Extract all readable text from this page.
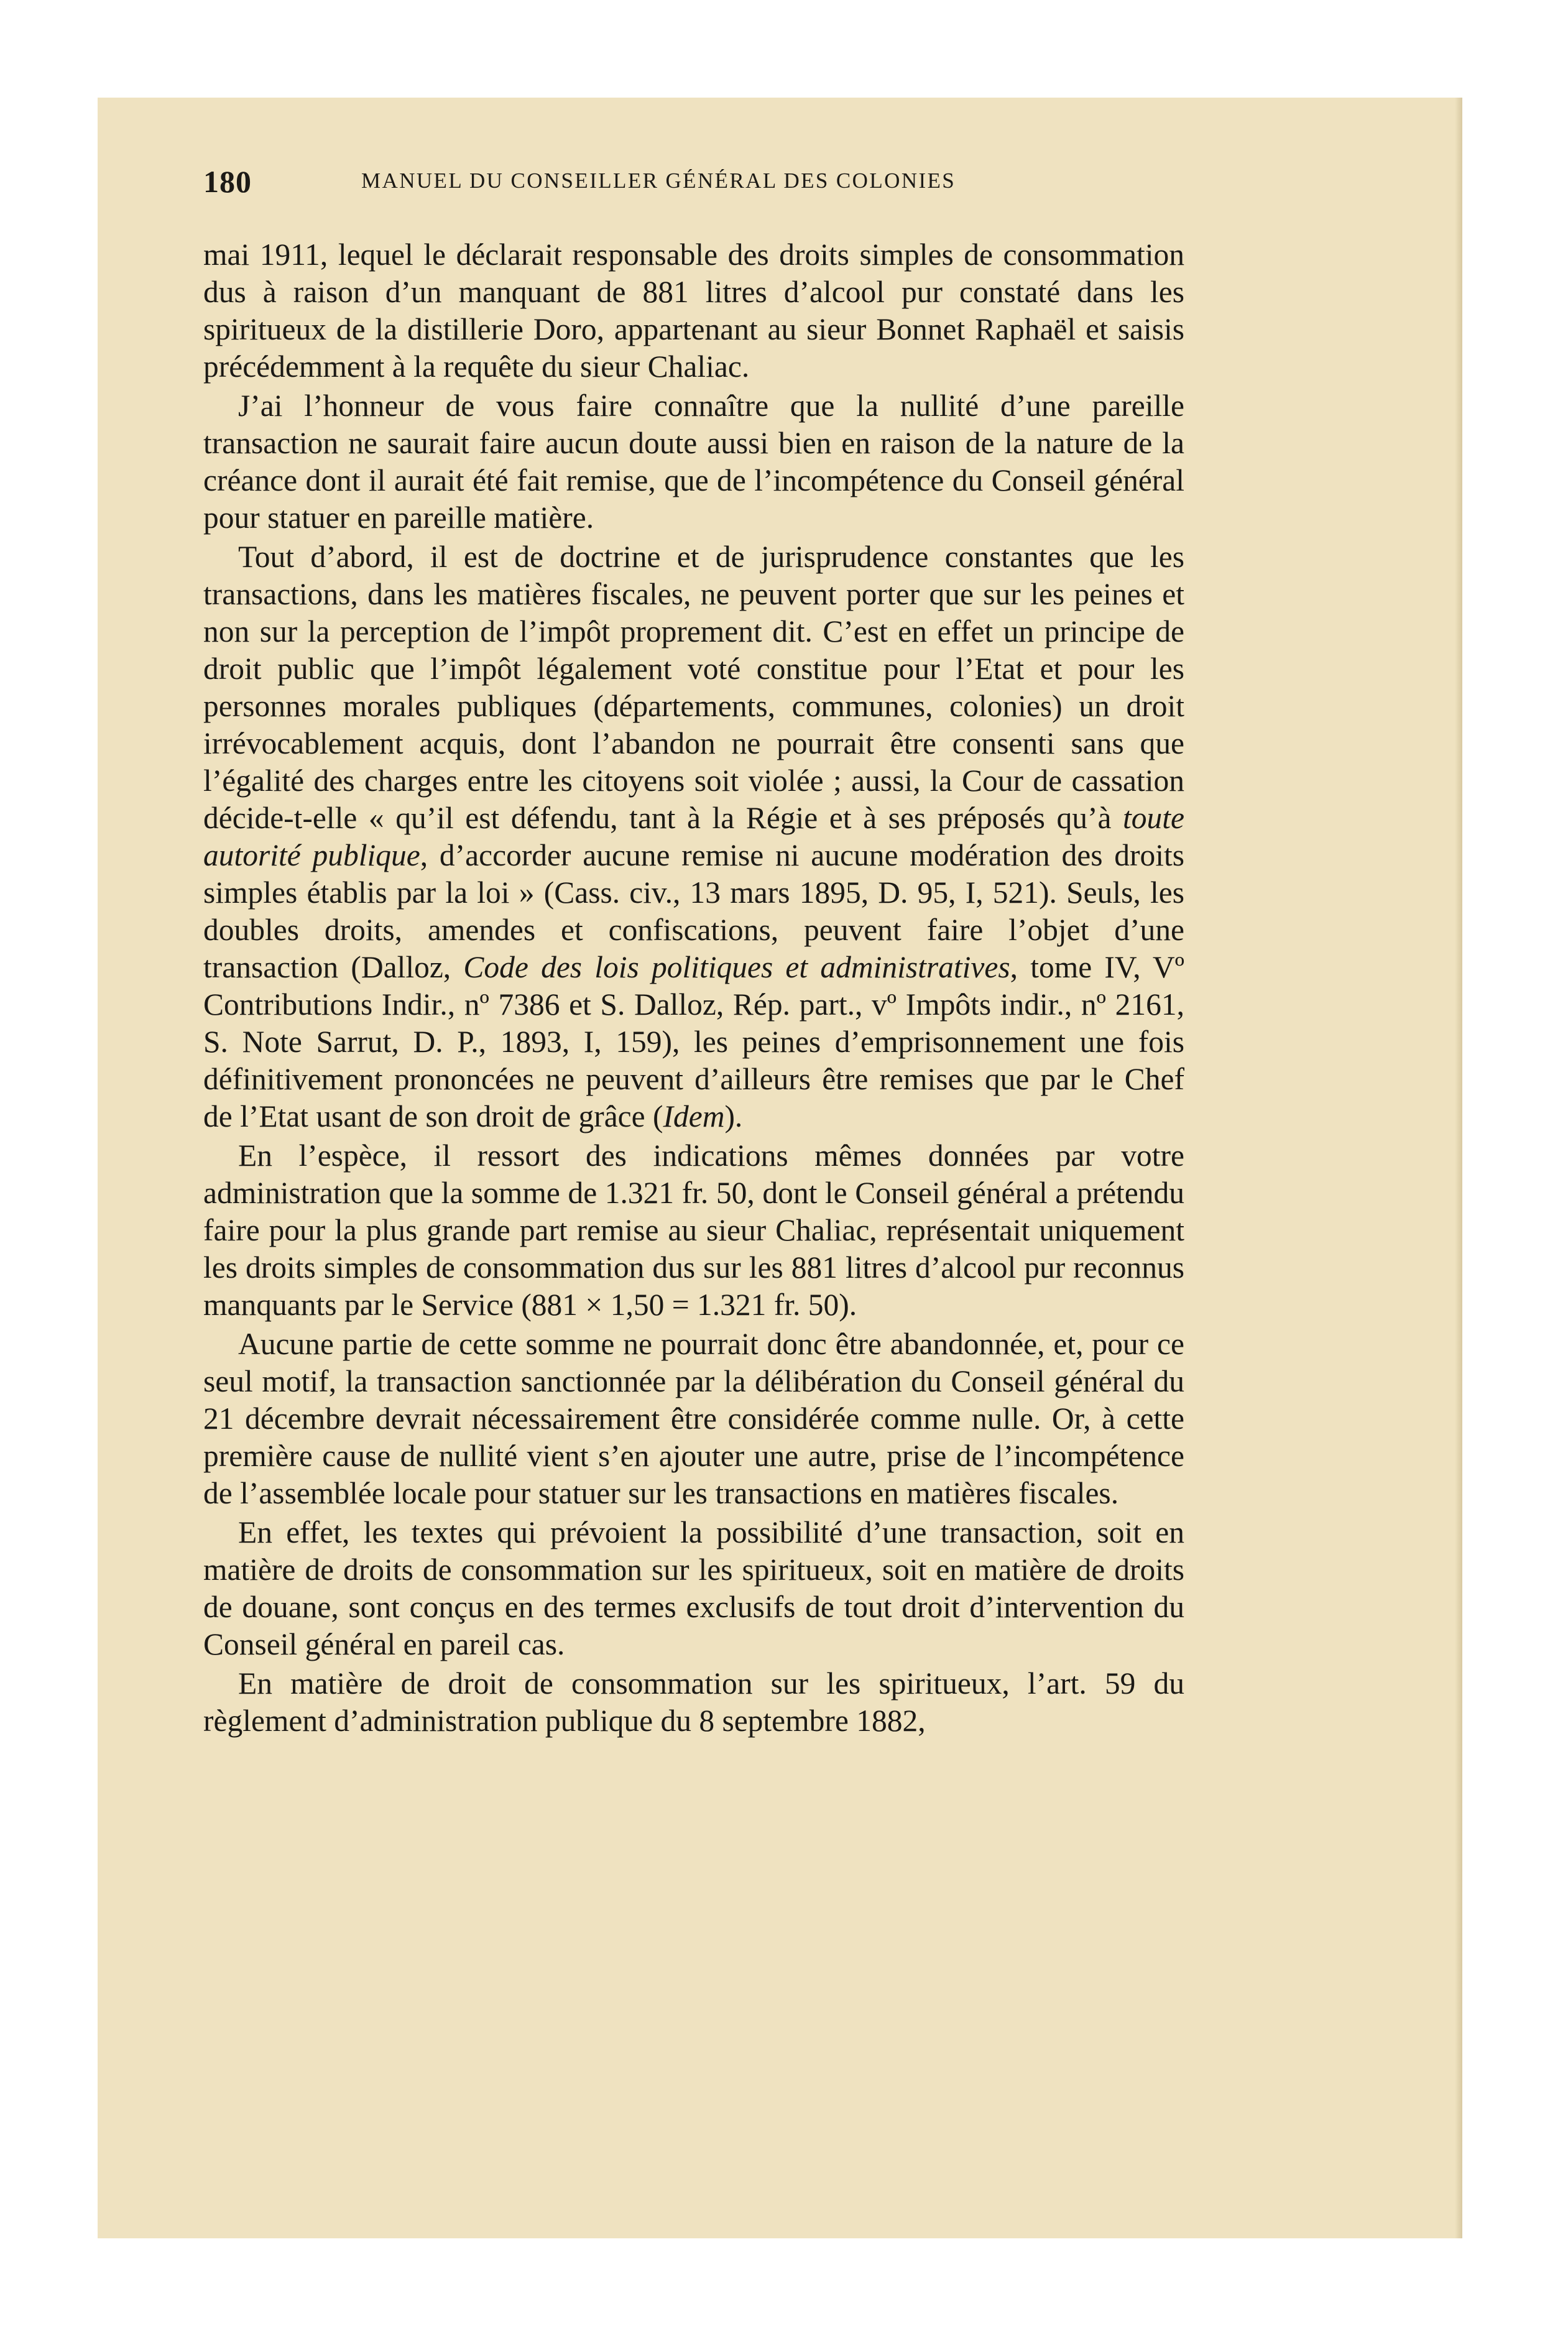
180	MANUEL DU CONSEILLER GÉNÉRAL DES COLONIES

mai 1911, lequel le déclarait responsable des droits simples de consommation dus à raison d’un manquant de 881 litres d’alcool pur constaté dans les spiritueux de la distillerie Doro, appartenant au sieur Bonnet Raphaël et saisis précédemment à la requête du sieur Chaliac.

J’ai l’honneur de vous faire connaître que la nullité d’une pareille transaction ne saurait faire aucun doute aussi bien en raison de la nature de la créance dont il aurait été fait remise, que de l’incompétence du Conseil général pour statuer en pareille matière.

Tout d’abord, il est de doctrine et de jurisprudence constantes que les transactions, dans les matières fiscales, ne peuvent porter que sur les peines et non sur la perception de l’impôt proprement dit. C’est en effet un principe de droit public que l’impôt légalement voté constitue pour l’Etat et pour les personnes morales publiques (départements, communes, colonies) un droit irrévocablement acquis, dont l’abandon ne pourrait être consenti sans que l’égalité des charges entre les citoyens soit violée ; aussi, la Cour de cassation décide-t-elle « qu’il est défendu, tant à la Régie et à ses préposés qu’à toute autorité publique, d’accorder aucune remise ni aucune modération des droits simples établis par la loi » (Cass. civ., 13 mars 1895, D. 95, I, 521). Seuls, les doubles droits, amendes et confiscations, peuvent faire l’objet d’une transaction (Dalloz, Code des lois politiques et administratives, tome IV, Vº Contributions Indir., nº 7386 et S. Dalloz, Rép. part., vº Impôts indir., nº 2161, S. Note Sarrut, D. P., 1893, I, 159), les peines d’emprisonnement une fois définitivement prononcées ne peuvent d’ailleurs être remises que par le Chef de l’Etat usant de son droit de grâce (Idem).

En l’espèce, il ressort des indications mêmes données par votre administration que la somme de 1.321 fr. 50, dont le Conseil général a prétendu faire pour la plus grande part remise au sieur Chaliac, représentait uniquement les droits simples de consommation dus sur les 881 litres d’alcool pur reconnus manquants par le Service (881 × 1,50 = 1.321 fr. 50).

Aucune partie de cette somme ne pourrait donc être abandonnée, et, pour ce seul motif, la transaction sanctionnée par la délibération du Conseil général du 21 décembre devrait nécessairement être considérée comme nulle. Or, à cette première cause de nullité vient s’en ajouter une autre, prise de l’incompétence de l’assemblée locale pour statuer sur les transactions en matières fiscales.

En effet, les textes qui prévoient la possibilité d’une transaction, soit en matière de droits de consommation sur les spiritueux, soit en matière de droits de douane, sont conçus en des termes exclusifs de tout droit d’intervention du Conseil général en pareil cas.

En matière de droit de consommation sur les spiritueux, l’art. 59 du règlement d’administration publique du 8 septembre 1882,
